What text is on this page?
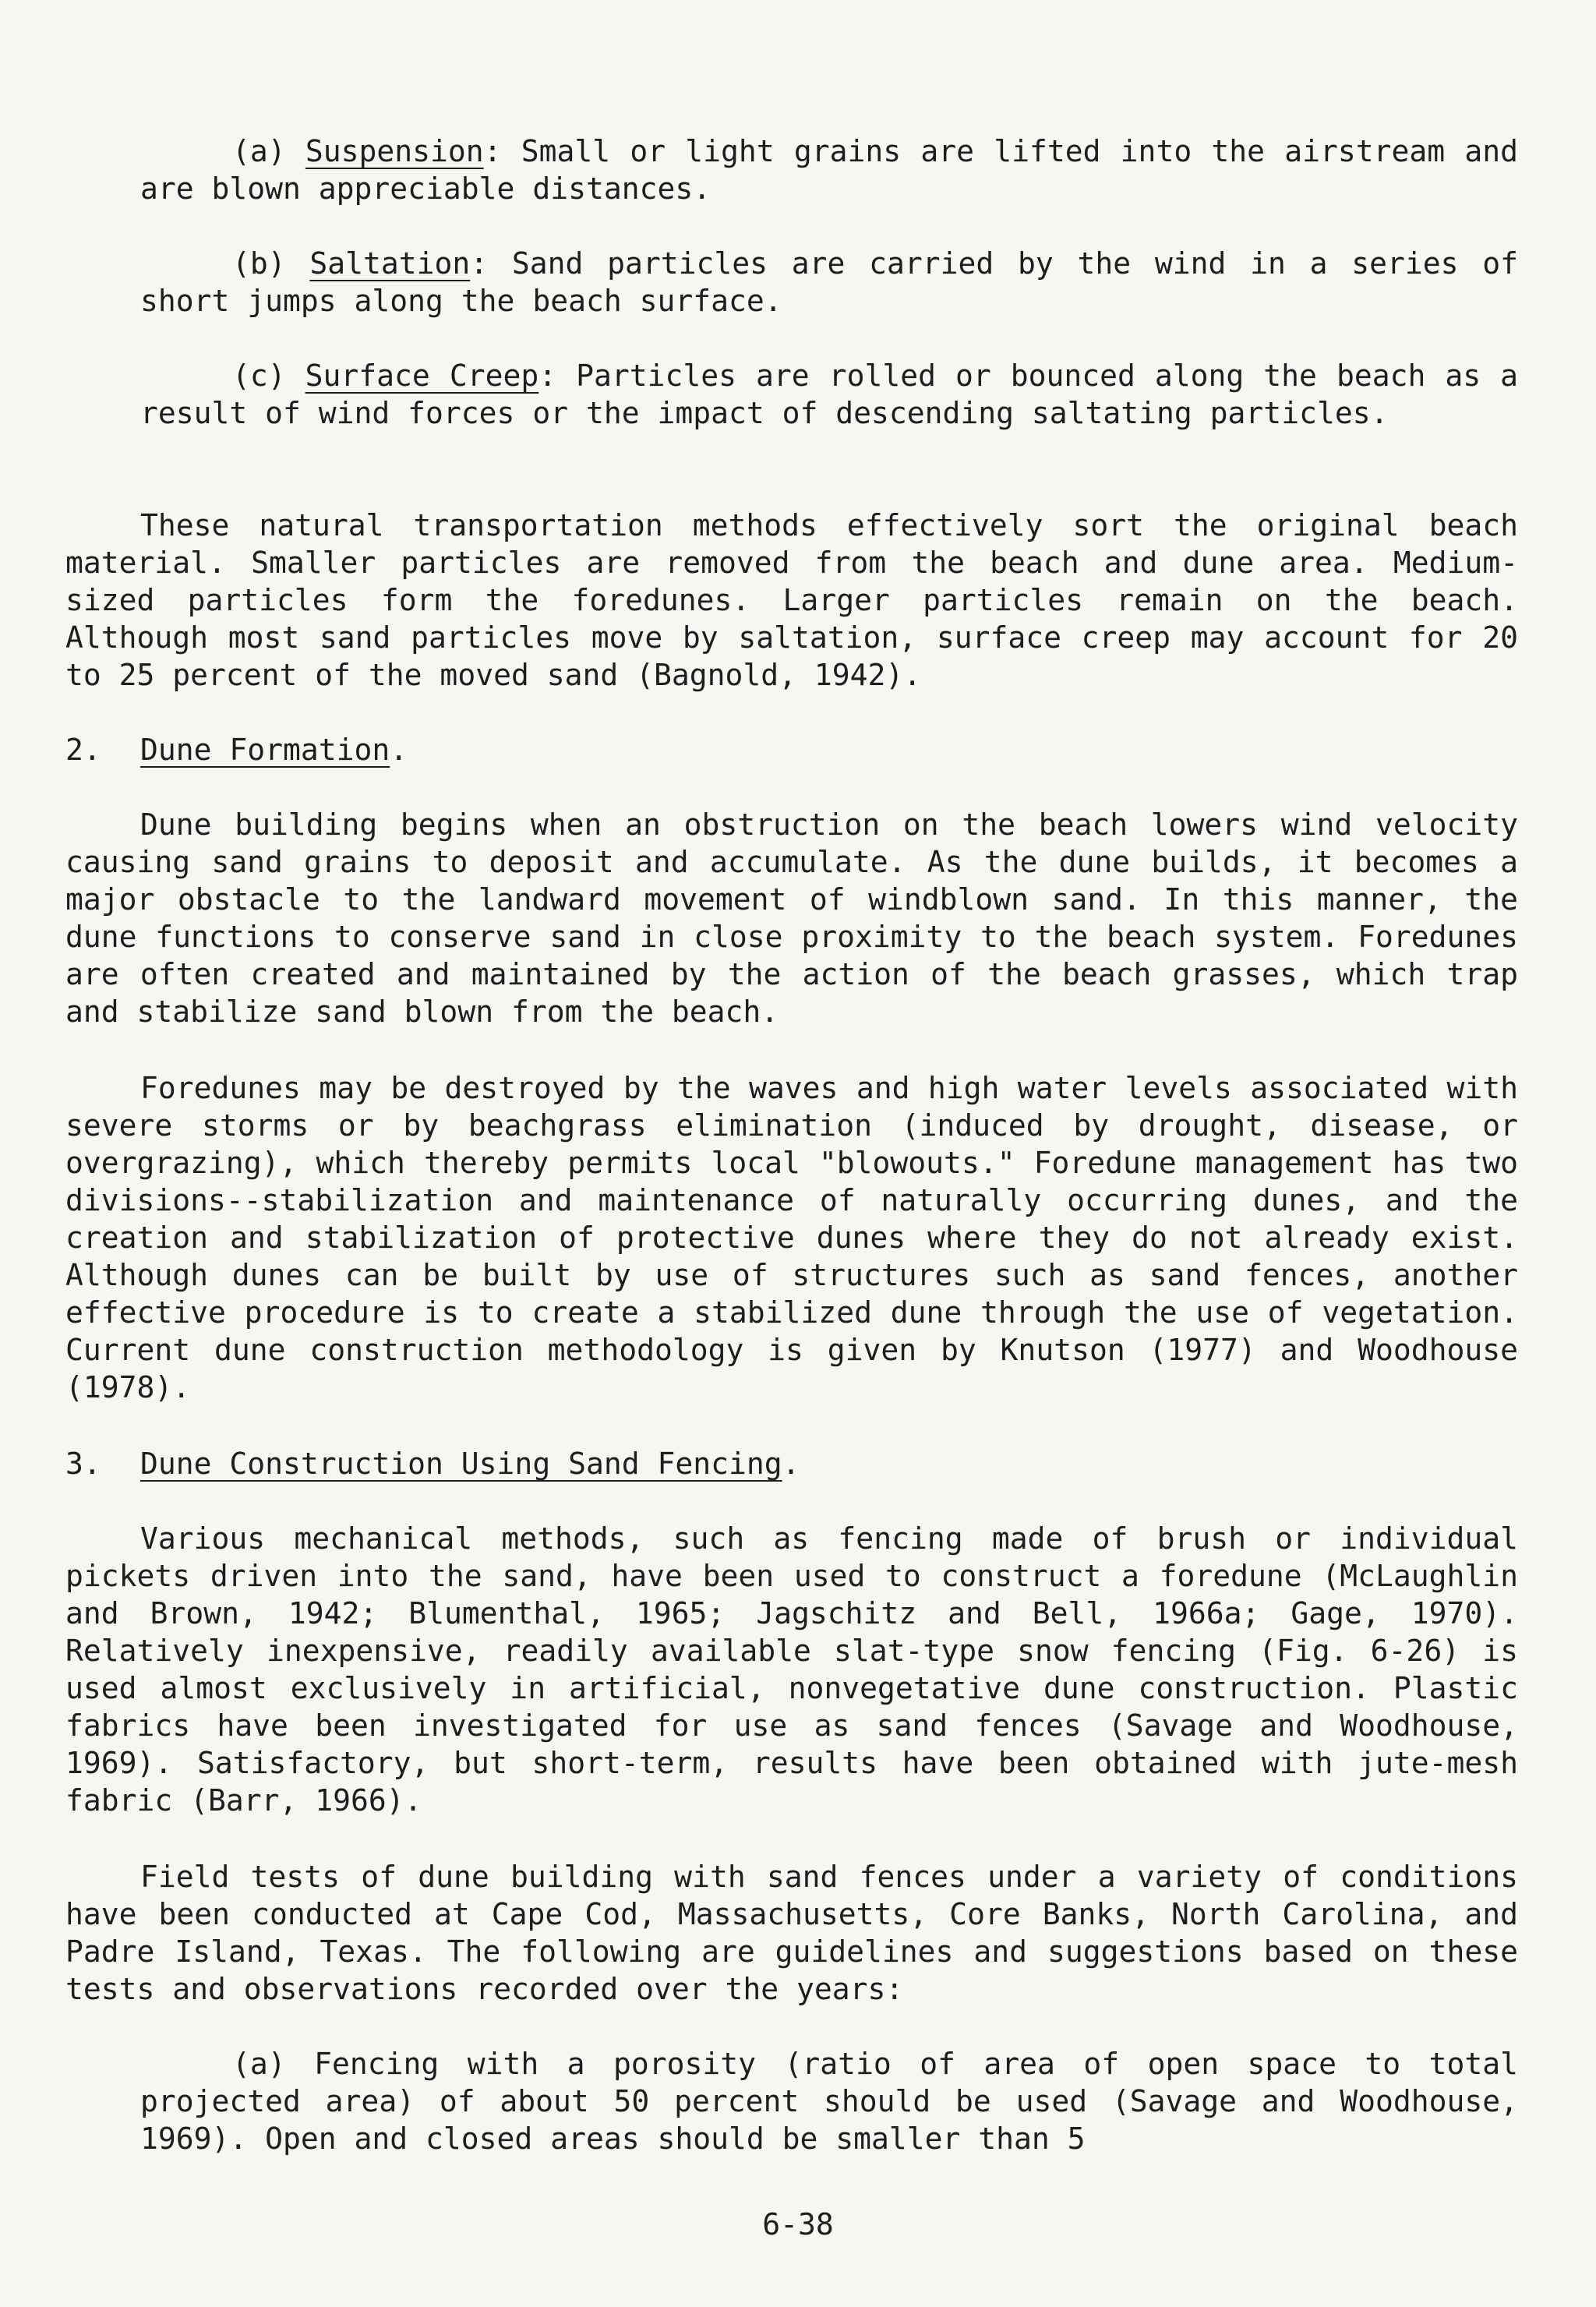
(a) Suspension: Small or light grains are lifted into the airstream and are blown appreciable distances.

(b) Saltation: Sand particles are carried by the wind in a series of short jumps along the beach surface.

(c) Surface Creep: Particles are rolled or bounced along the beach as a result of wind forces or the impact of descending saltating particles.

These natural transportation methods effectively sort the original beach material. Smaller particles are removed from the beach and dune area. Medium-sized particles form the foredunes. Larger particles remain on the beach. Although most sand particles move by saltation, surface creep may account for 20 to 25 percent of the moved sand (Bagnold, 1942).

2. Dune Formation.

Dune building begins when an obstruction on the beach lowers wind velocity causing sand grains to deposit and accumulate. As the dune builds, it becomes a major obstacle to the landward movement of windblown sand. In this manner, the dune functions to conserve sand in close proximity to the beach system. Foredunes are often created and maintained by the action of the beach grasses, which trap and stabilize sand blown from the beach.

Foredunes may be destroyed by the waves and high water levels associated with severe storms or by beachgrass elimination (induced by drought, disease, or overgrazing), which thereby permits local "blowouts." Foredune management has two divisions--stabilization and maintenance of naturally occurring dunes, and the creation and stabilization of protective dunes where they do not already exist. Although dunes can be built by use of structures such as sand fences, another effective procedure is to create a stabilized dune through the use of vegetation. Current dune construction methodology is given by Knutson (1977) and Woodhouse (1978).

3. Dune Construction Using Sand Fencing.

Various mechanical methods, such as fencing made of brush or individual pickets driven into the sand, have been used to construct a foredune (McLaughlin and Brown, 1942; Blumenthal, 1965; Jagschitz and Bell, 1966a; Gage, 1970). Relatively inexpensive, readily available slat-type snow fencing (Fig. 6-26) is used almost exclusively in artificial, nonvegetative dune construction. Plastic fabrics have been investigated for use as sand fences (Savage and Woodhouse, 1969). Satisfactory, but short-term, results have been obtained with jute-mesh fabric (Barr, 1966).

Field tests of dune building with sand fences under a variety of conditions have been conducted at Cape Cod, Massachusetts, Core Banks, North Carolina, and Padre Island, Texas. The following are guidelines and suggestions based on these tests and observations recorded over the years:

(a) Fencing with a porosity (ratio of area of open space to total projected area) of about 50 percent should be used (Savage and Woodhouse, 1969). Open and closed areas should be smaller than 5

6-38
